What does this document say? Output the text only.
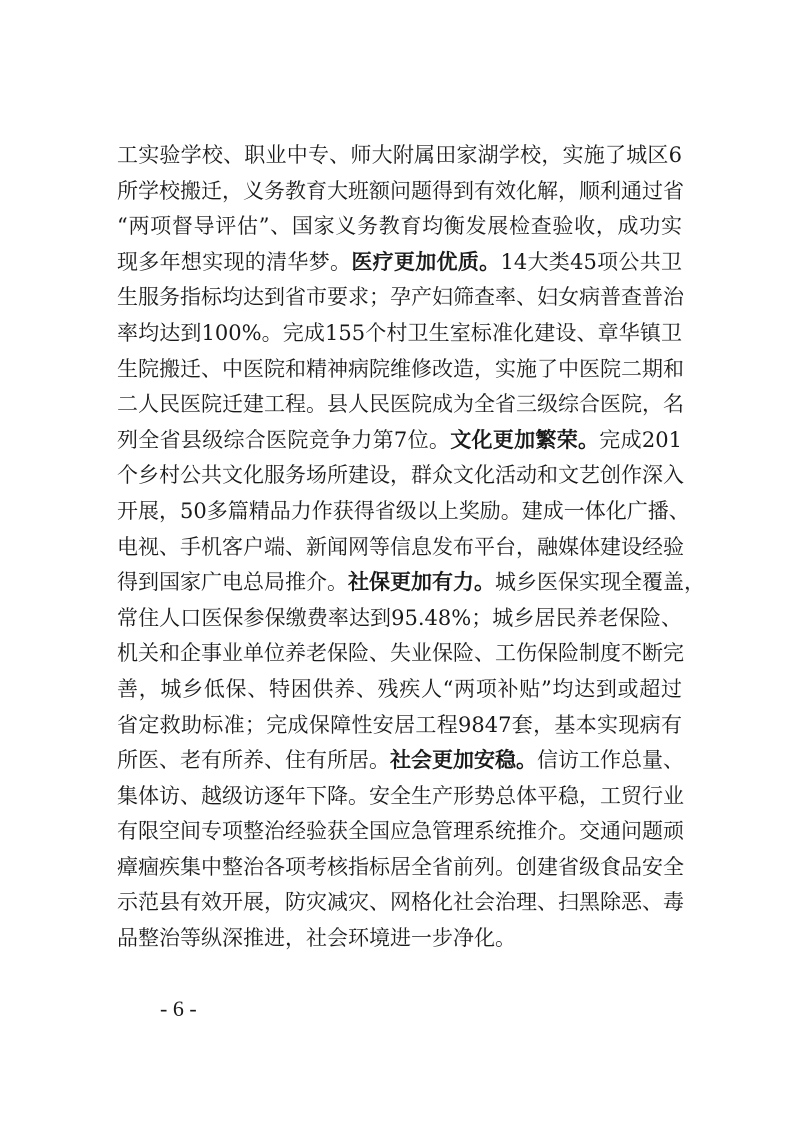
工实验学校、职业中专、师大附属田家湖学校，实施了城区6
所学校搬迁，义务教育大班额问题得到有效化解，顺利通过省
“两项督导评估”、国家义务教育均衡发展检查验收，成功实
现多年想实现的清华梦。医疗更加优质。14大类45项公共卫
生服务指标均达到省市要求；孕产妇筛查率、妇女病普查普治
率均达到100%。完成155个村卫生室标准化建设、章华镇卫
生院搬迁、中医院和精神病院维修改造，实施了中医院二期和
二人民医院迁建工程。县人民医院成为全省三级综合医院，名
列全省县级综合医院竞争力第7位。文化更加繁荣。完成201
个乡村公共文化服务场所建设，群众文化活动和文艺创作深入
开展，50多篇精品力作获得省级以上奖励。建成一体化广播、
电视、手机客户端、新闻网等信息发布平台，融媒体建设经验
得到国家广电总局推介。社保更加有力。城乡医保实现全覆盖，
常住人口医保参保缴费率达到95.48%；城乡居民养老保险、
机关和企事业单位养老保险、失业保险、工伤保险制度不断完
善，城乡低保、特困供养、残疾人“两项补贴”均达到或超过
省定救助标准；完成保障性安居工程9847套，基本实现病有
所医、老有所养、住有所居。社会更加安稳。信访工作总量、
集体访、越级访逐年下降。安全生产形势总体平稳，工贸行业
有限空间专项整治经验获全国应急管理系统推介。交通问题顽
瘴痼疾集中整治各项考核指标居全省前列。创建省级食品安全
示范县有效开展，防灾减灾、网格化社会治理、扫黑除恶、毒
品整治等纵深推进，社会环境进一步净化。
- 6 -
